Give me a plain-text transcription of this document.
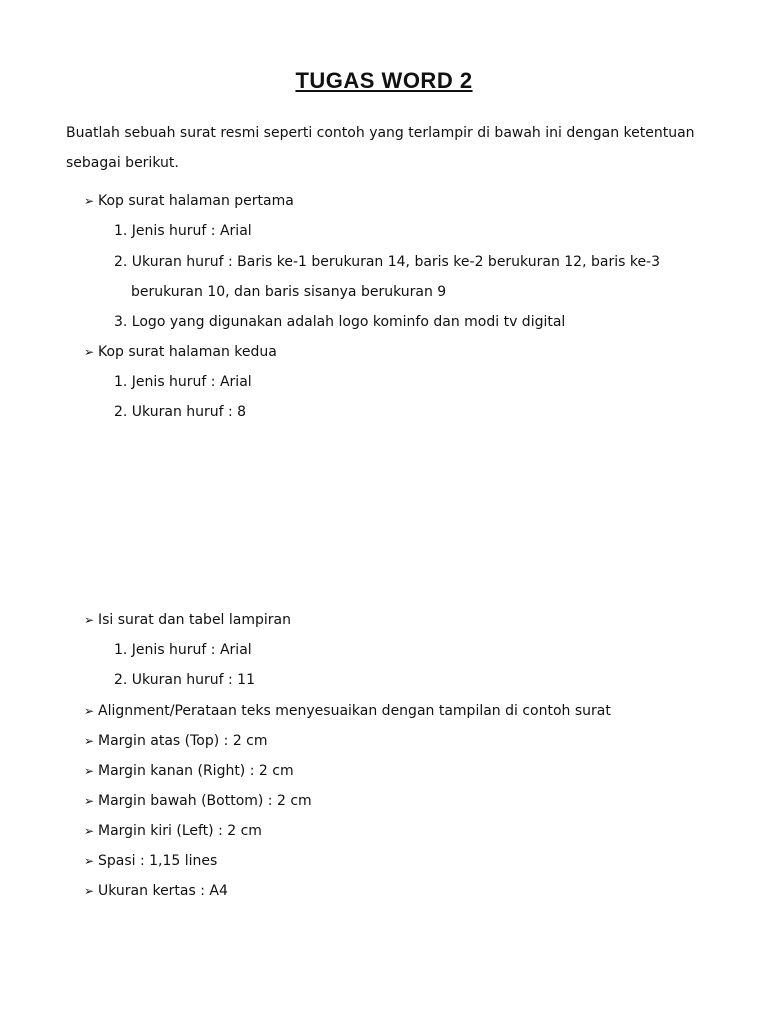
TUGAS WORD 2
Buatlah sebuah surat resmi seperti contoh yang terlampir di bawah ini dengan ketentuan
sebagai berikut.
➢ Kop surat halaman pertama
1. Jenis huruf : Arial
2. Ukuran huruf : Baris ke-1 berukuran 14, baris ke-2 berukuran 12, baris ke-3
berukuran 10, dan baris sisanya berukuran 9
3. Logo yang digunakan adalah logo kominfo dan modi tv digital
➢ Kop surat halaman kedua
1. Jenis huruf : Arial
2. Ukuran huruf : 8
➢ Isi surat dan tabel lampiran
1. Jenis huruf : Arial
2. Ukuran huruf : 11
➢ Alignment/Perataan teks menyesuaikan dengan tampilan di contoh surat
➢ Margin atas (Top) : 2 cm
➢ Margin kanan (Right) : 2 cm
➢ Margin bawah (Bottom) : 2 cm
➢ Margin kiri (Left) : 2 cm
➢ Spasi : 1,15 lines
➢ Ukuran kertas : A4
